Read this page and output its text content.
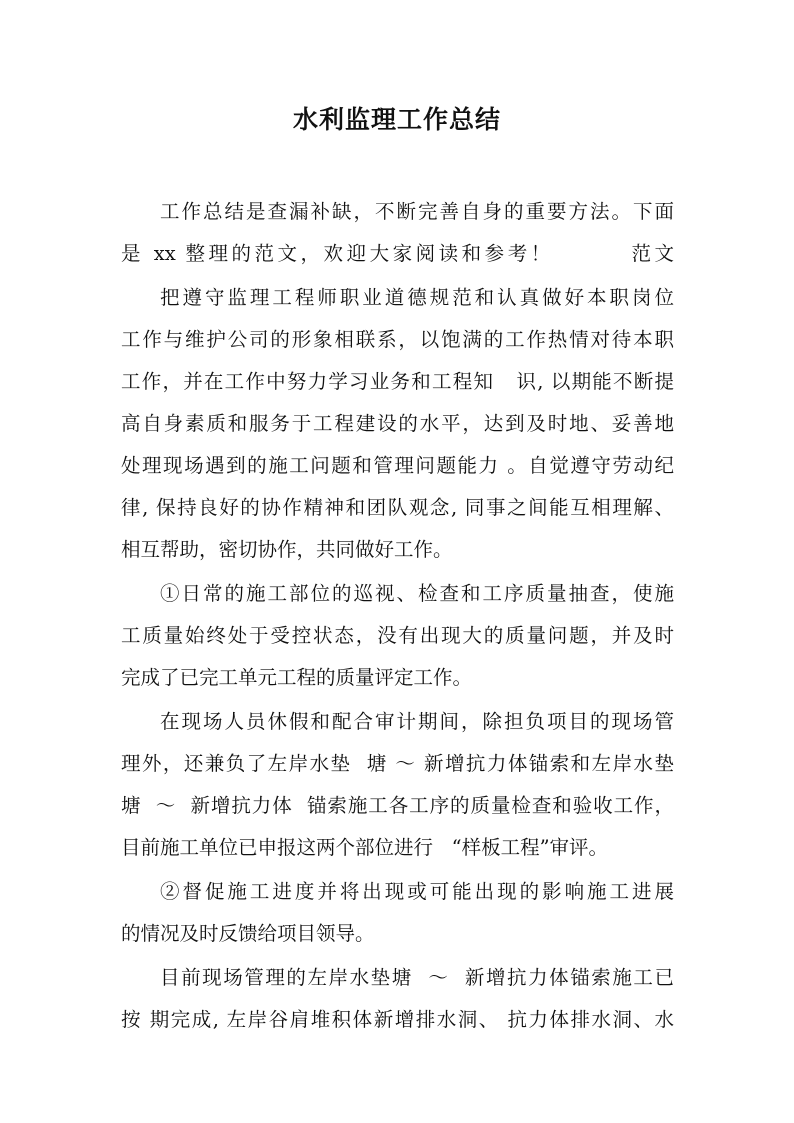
水利监理工作总结
工作总结是查漏补缺，不断完善自身的重要方法。下面
是 xx 整理的范文，欢迎大家阅读和参考！        范文
把遵守监理工程师职业道德规范和认真做好本职岗位
工作与维护公司的形象相联系，以饱满的工作热情对待本职
工作，并在工作中努力学习业务和工程知   识, 以期能不断提
高自身素质和服务于工程建设的水平，达到及时地、妥善地
处理现场遇到的施工问题和管理问题能力 。自觉遵守劳动纪
律, 保持良好的协作精神和团队观念, 同事之间能互相理解、
相互帮助，密切协作，共同做好工作。
①日常的施工部位的巡视、检查和工序质量抽查，使施
工质量始终处于受控状态，没有出现大的质量问题，并及时
完成了已完工单元工程的质量评定工作。
在现场人员休假和配合审计期间，除担负项目的现场管
理外，还兼负了左岸水垫  塘 ～ 新增抗力体锚索和左岸水垫
塘  ～  新增抗力体  锚索施工各工序的质量检查和验收工作，
目前施工单位已申报这两个部位进行   “样板工程”审评。
②督促施工进度并将出现或可能出现的影响施工进展
的情况及时反馈给项目领导。
目前现场管理的左岸水垫塘  ～  新增抗力体锚索施工已
按 期完成, 左岸谷肩堆积体新增排水洞、 抗力体排水洞、水
